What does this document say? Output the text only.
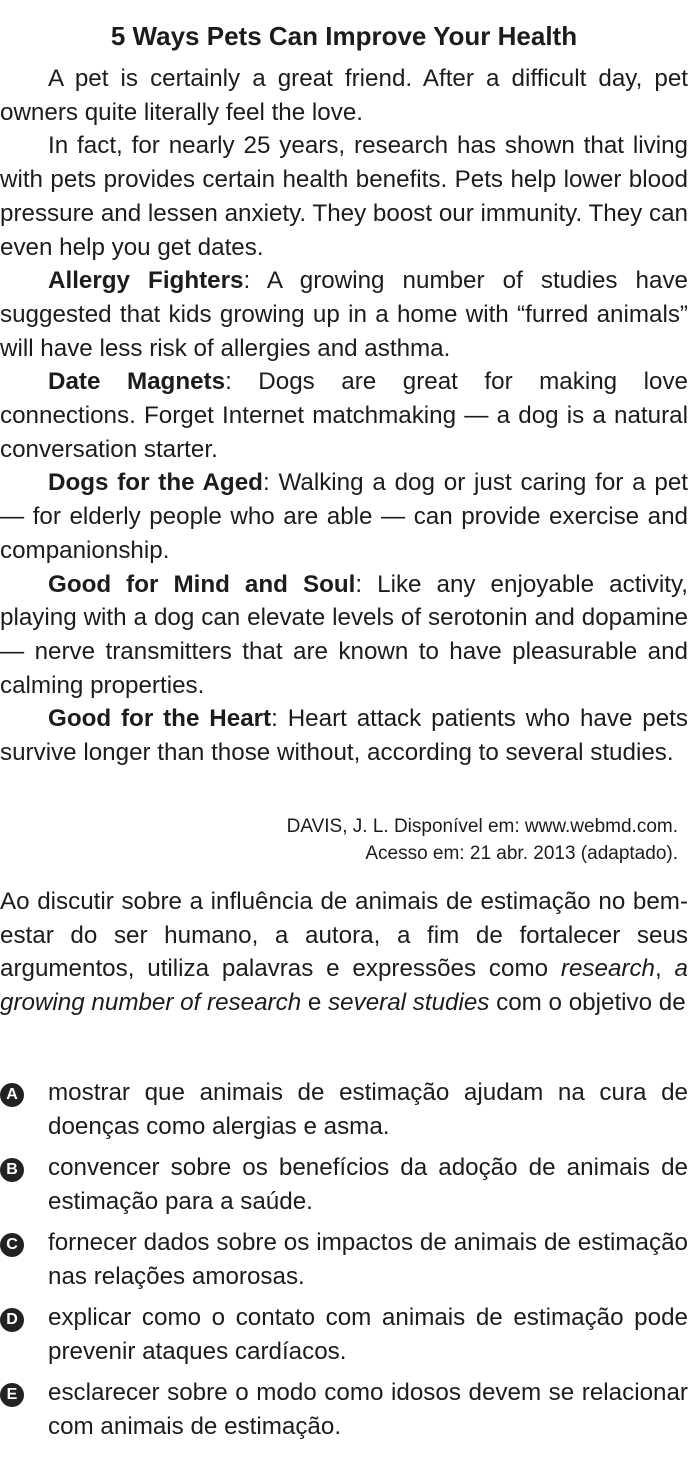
5 Ways Pets Can Improve Your Health

A pet is certainly a great friend. After a difficult day, pet owners quite literally feel the love.

In fact, for nearly 25 years, research has shown that living with pets provides certain health benefits. Pets help lower blood pressure and lessen anxiety. They boost our immunity. They can even help you get dates.

Allergy Fighters: A growing number of studies have suggested that kids growing up in a home with “furred animals” will have less risk of allergies and asthma.

Date Magnets: Dogs are great for making love connections. Forget Internet matchmaking — a dog is a natural conversation starter.

Dogs for the Aged: Walking a dog or just caring for a pet — for elderly people who are able — can provide exercise and companionship.

Good for Mind and Soul: Like any enjoyable activity, playing with a dog can elevate levels of serotonin and dopamine — nerve transmitters that are known to have pleasurable and calming properties.

Good for the Heart: Heart attack patients who have pets survive longer than those without, according to several studies.

DAVIS, J. L. Disponível em: www.webmd.com.
Acesso em: 21 abr. 2013 (adaptado).

Ao discutir sobre a influência de animais de estimação no bem-estar do ser humano, a autora, a fim de fortalecer seus argumentos, utiliza palavras e expressões como research, a growing number of research e several studies com o objetivo de

A mostrar que animais de estimação ajudam na cura de doenças como alergias e asma.
B convencer sobre os benefícios da adoção de animais de estimação para a saúde.
C fornecer dados sobre os impactos de animais de estimação nas relações amorosas.
D explicar como o contato com animais de estimação pode prevenir ataques cardíacos.
E esclarecer sobre o modo como idosos devem se relacionar com animais de estimação.
